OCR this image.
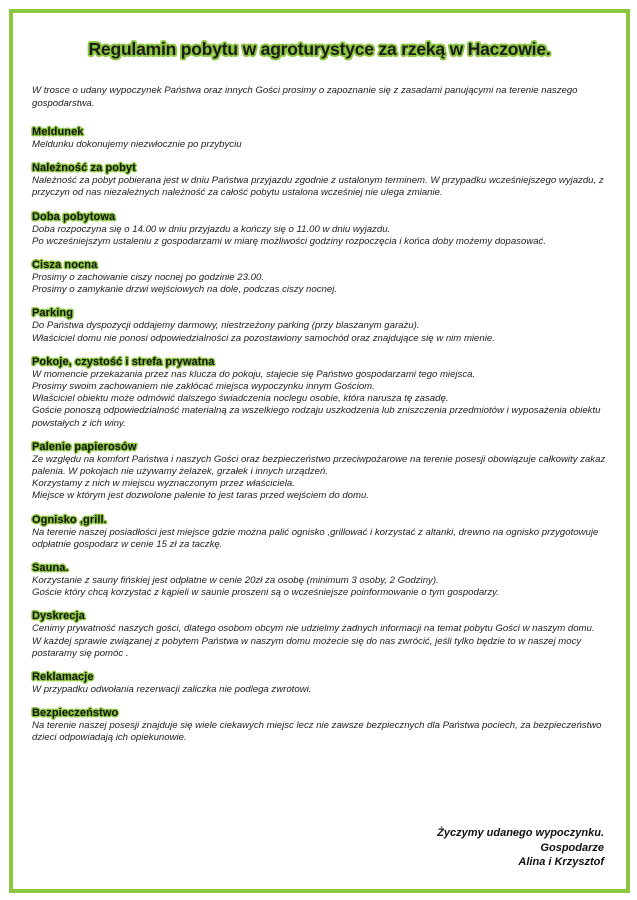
Regulamin pobytu w agroturystyce za rzeką w Haczowie.

W trosce o udany wypoczynek Państwa oraz innych Gości prosimy o zapoznanie się z zasadami panującymi na terenie naszego gospodarstwa.

Meldunek
Meldunku dokonujemy niezwłocznie po przybyciu
Należność za pobyt
Należność za pobyt pobierana jest w dniu Państwa przyjazdu zgodnie z ustalonym terminem. W przypadku wcześniejszego wyjazdu, z przyczyn od nas niezależnych należność za całość pobytu ustalona wcześniej nie ulega zmianie.
Doba pobytowa
Doba rozpoczyna się o 14.00 w dniu przyjazdu a kończy się o 11.00 w dniu wyjazdu.
Po wcześniejszym ustaleniu z gospodarzami w miarę możliwości godziny rozpoczęcia i końca doby możemy dopasować.
Cisza nocna
Prosimy o zachowanie ciszy nocnej po godzinie 23.00.
Prosimy o zamykanie drzwi wejściowych na dole, podczas ciszy nocnej.
Parking
Do Państwa dyspozycji oddajemy darmowy, niestrzeżony parking (przy blaszanym garażu).
Właściciel domu nie ponosi odpowiedzialności za pozostawiony samochód oraz znajdujące się w nim mienie.
Pokoje, czystość i strefa prywatna
W momencie przekazania przez nas klucza do pokoju, stajecie się Państwo gospodarzami tego miejsca.
Prosimy swoim zachowaniem nie zakłócać miejsca wypoczynku innym Gościom.
Właściciel obiektu może odmówić dalszego świadczenia noclegu osobie, która narusza tę zasadę.
Goście ponoszą odpowiedzialność materialną za wszelkiego rodzaju uszkodzenia lub zniszczenia przedmiotów i wyposażenia obiektu powstałych z ich winy.
Palenie papierosów
Ze względu na komfort Państwa i naszych Gości oraz bezpieczeństwo przeciwpożarowe na terenie posesji obowiązuje całkowity zakaz palenia. W pokojach nie używamy żelazek, grzałek i innych urządzeń.
Korzystamy z nich w miejscu wyznaczonym przez właściciela.
Miejsce w którym jest dozwolone palenie to jest taras przed wejściem do domu.
Ognisko ,grill.
Na terenie naszej posiadłości jest miejsce gdzie można palić ognisko ,grillować i korzystać z altanki, drewno na ognisko przygotowuje odpłatnie gospodarz w cenie 15 zł za taczkę.
Sauna.
Korzystanie z sauny fińskiej jest odpłatne w cenie 20zł za osobę (minimum 3 osoby, 2 Godziny).
Goście który chcą korzystać z kąpieli w saunie proszeni są o wcześniejsze poinformowanie o tym gospodarzy.
Dyskrecja
Cenimy prywatność naszych gości, dlatego osobom obcym nie udzielmy żadnych informacji na temat pobytu Gości w naszym domu.
W każdej sprawie związanej z pobytem Państwa w naszym domu możecie się do nas zwrócić, jeśli tylko będzie to w naszej mocy postaramy się pomóc .
Reklamacje
W przypadku odwołania rezerwacji zaliczka nie podlega zwrotowi.
Bezpieczeństwo
Na terenie naszej posesji znajduje się wiele ciekawych miejsc lecz nie zawsze bezpiecznych dla Państwa pociech, za bezpieczeństwo dzieci odpowiadają ich opiekunowie.
Życzymy udanego wypoczynku.
Gospodarze
Alina i Krzysztof
